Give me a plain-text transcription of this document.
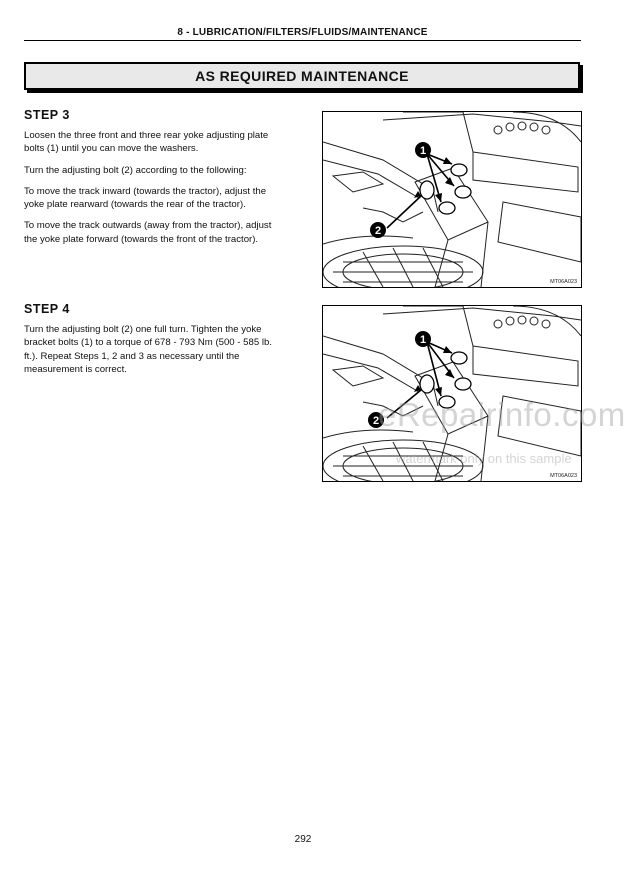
8 - LUBRICATION/FILTERS/FLUIDS/MAINTENANCE
AS REQUIRED MAINTENANCE
STEP 3

Loosen the three front and three rear yoke adjusting plate bolts (1) until you can move the washers.

Turn the adjusting bolt (2) according to the following:

To move the track inward (towards the tractor), adjust the yoke plate rearward (towards the rear of the tractor).

To move the track outwards (away from the tractor), adjust the yoke plate forward (towards the front of the tractor).

STEP 4

Turn the adjusting bolt (2) one full turn. Tighten the yoke bracket bolts (1) to a torque of 678 - 793 Nm (500 - 585 lb. ft.). Repeat Steps 1, 2 and 3 as necessary until the measurement is correct.

1
2
MT06A023
1
2
MT06A023
eRepairinfo.com
watermark only on this sample
292
